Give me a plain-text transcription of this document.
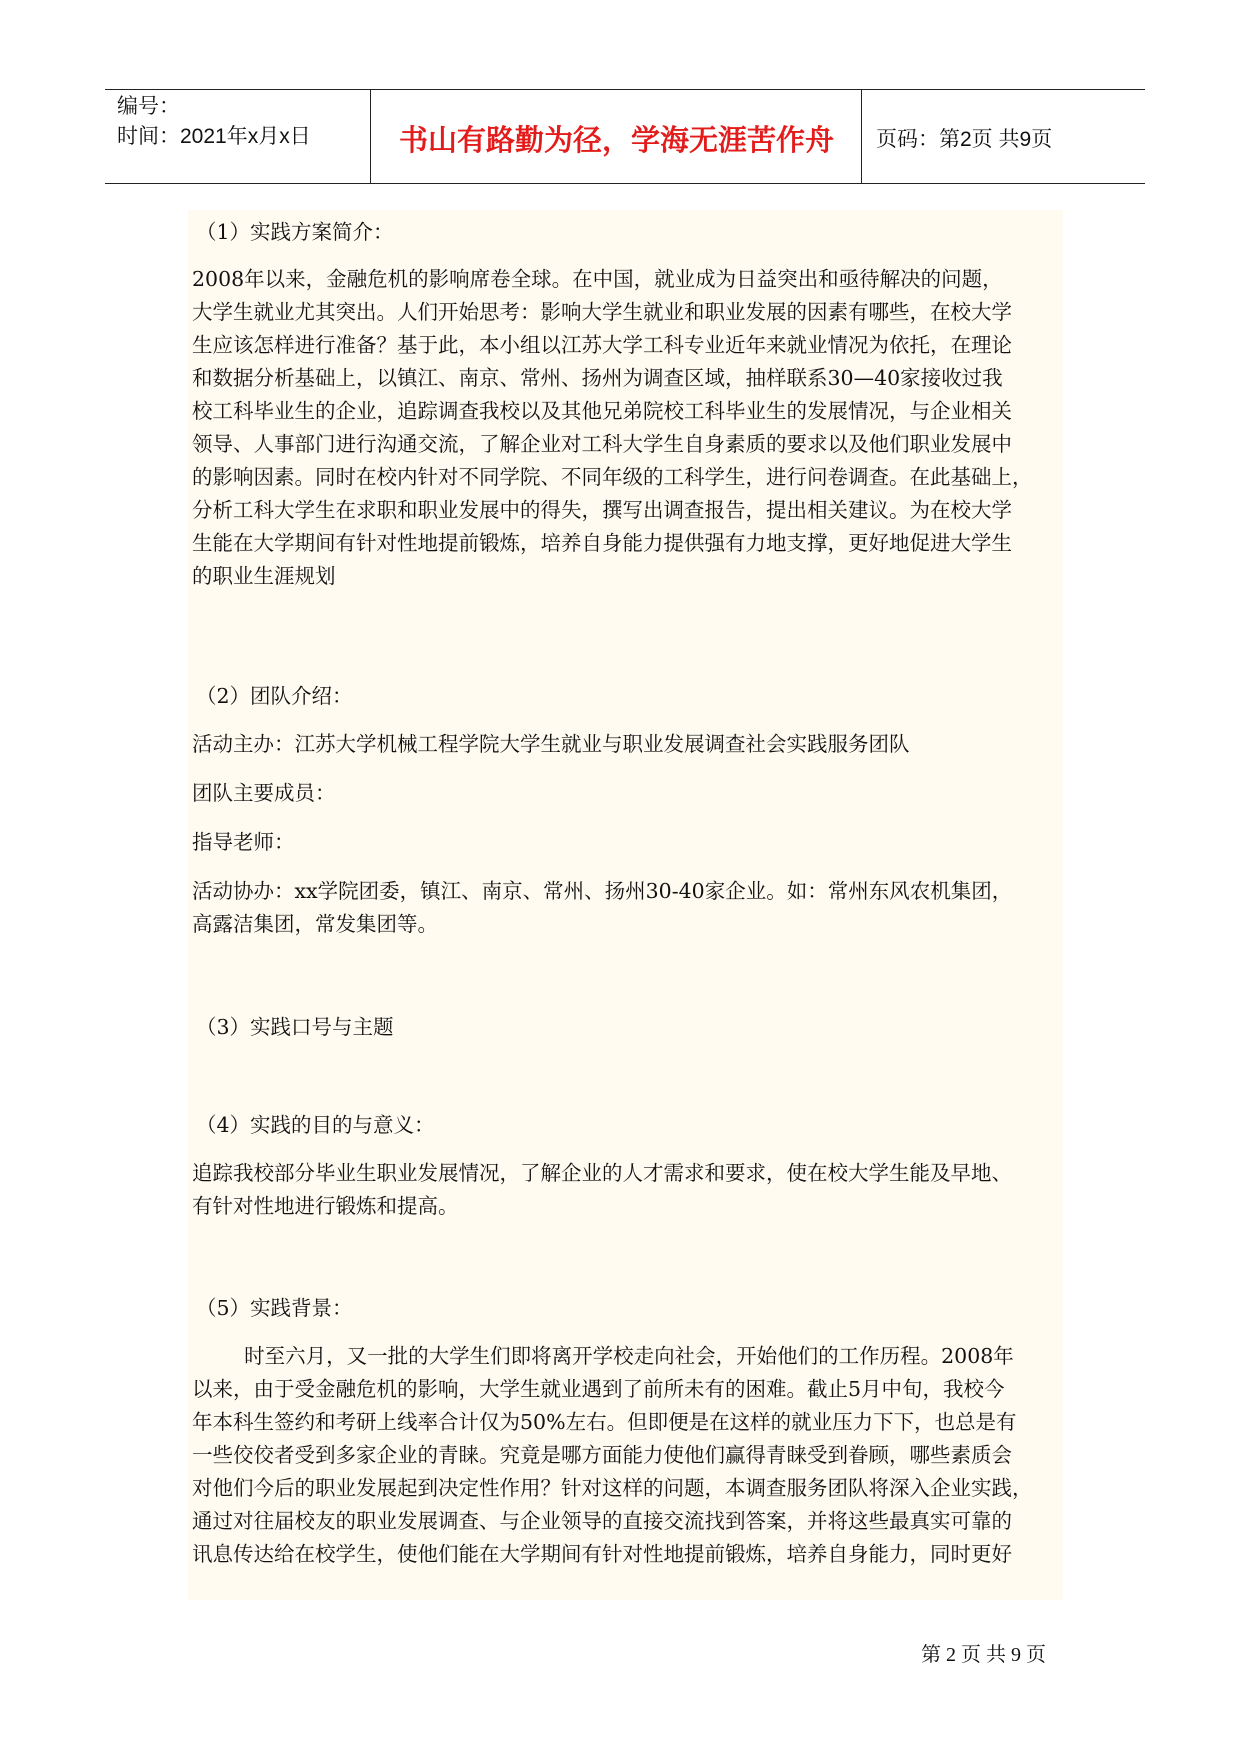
编号：
时间：2021年x月x日	书山有路勤为径，学海无涯苦作舟	页码：第2页 共9页
（1）实践方案简介：
2008年以来，金融危机的影响席卷全球。在中国，就业成为日益突出和亟待解决的问题，
大学生就业尤其突出。人们开始思考：影响大学生就业和职业发展的因素有哪些，在校大学
生应该怎样进行准备？基于此，本小组以江苏大学工科专业近年来就业情况为依托，在理论
和数据分析基础上，以镇江、南京、常州、扬州为调查区域，抽样联系30—40家接收过我
校工科毕业生的企业，追踪调查我校以及其他兄弟院校工科毕业生的发展情况，与企业相关
领导、人事部门进行沟通交流，了解企业对工科大学生自身素质的要求以及他们职业发展中
的影响因素。同时在校内针对不同学院、不同年级的工科学生，进行问卷调查。在此基础上，
分析工科大学生在求职和职业发展中的得失，撰写出调查报告，提出相关建议。为在校大学
生能在大学期间有针对性地提前锻炼，培养自身能力提供强有力地支撑，更好地促进大学生
的职业生涯规划
（2）团队介绍：
活动主办：江苏大学机械工程学院大学生就业与职业发展调查社会实践服务团队
团队主要成员：
指导老师：
活动协办：xx学院团委，镇江、南京、常州、扬州30-40家企业。如：常州东风农机集团，
高露洁集团，常发集团等。
（3）实践口号与主题
（4）实践的目的与意义：
追踪我校部分毕业生职业发展情况，了解企业的人才需求和要求，使在校大学生能及早地、
有针对性地进行锻炼和提高。
（5）实践背景：
时至六月，又一批的大学生们即将离开学校走向社会，开始他们的工作历程。2008年
以来，由于受金融危机的影响，大学生就业遇到了前所未有的困难。截止5月中旬，我校今
年本科生签约和考研上线率合计仅为50%左右。但即便是在这样的就业压力下下，也总是有
一些佼佼者受到多家企业的青睐。究竟是哪方面能力使他们赢得青睐受到眷顾，哪些素质会
对他们今后的职业发展起到决定性作用？针对这样的问题，本调查服务团队将深入企业实践，
通过对往届校友的职业发展调查、与企业领导的直接交流找到答案，并将这些最真实可靠的
讯息传达给在校学生，使他们能在大学期间有针对性地提前锻炼，培养自身能力，同时更好
第 2 页 共 9 页
